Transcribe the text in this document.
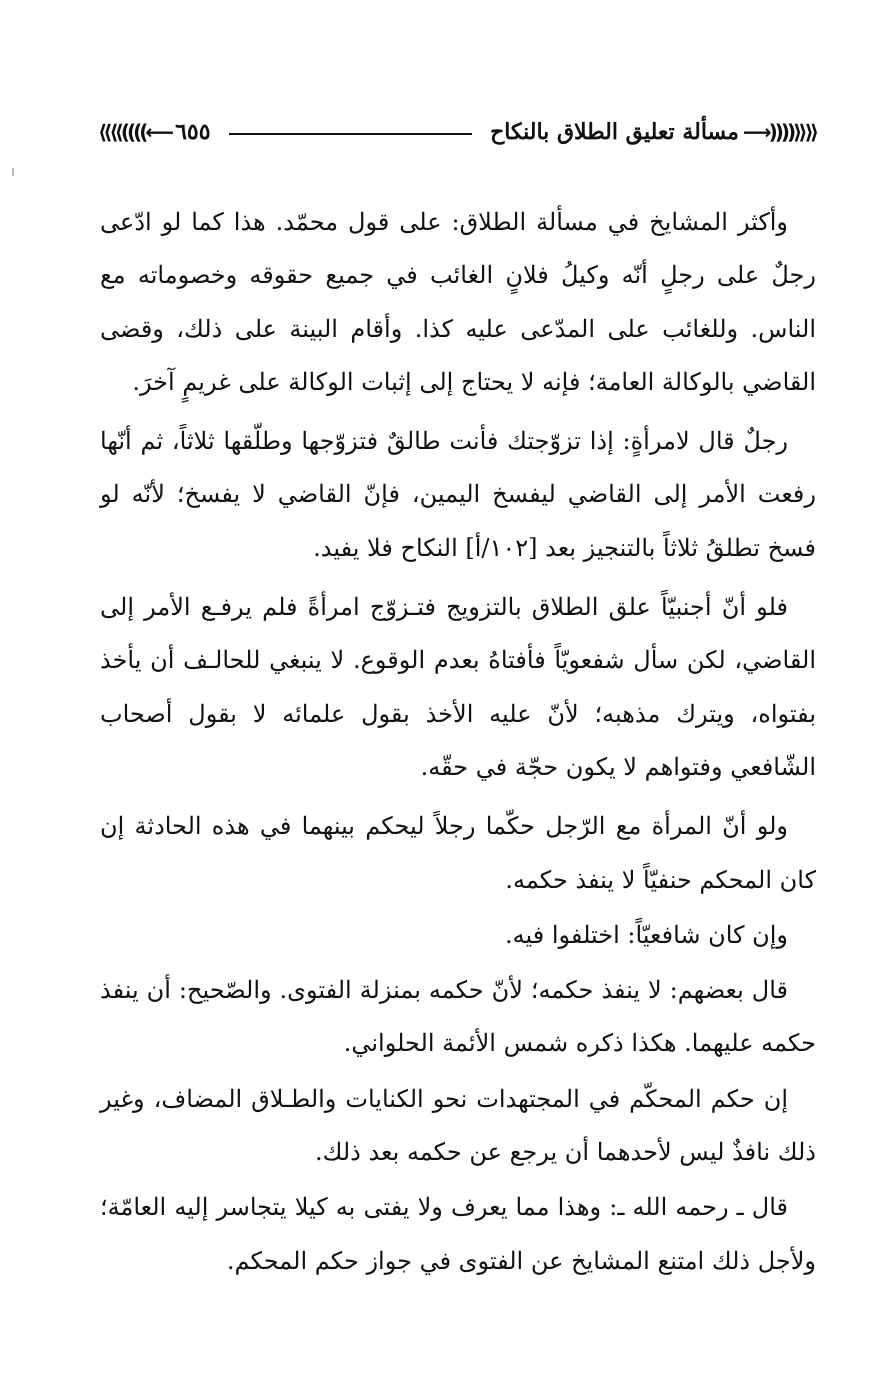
⟪⟪((((⟶
مسألة تعليق الطلاق بالنكاح
٦٥٥
⟵))))⟫⟫

وأكثر المشايخ في مسألة الطلاق: على قول محمّد. هذا كما لو ادّعى رجلٌ على رجلٍ أنّه وكيلُ فلانٍ الغائب في جميع حقوقه وخصوماته مع الناس. وللغائب على المدّعى عليه كذا. وأقام البينة على ذلك، وقضى القاضي بالوكالة العامة؛ فإنه لا يحتاج إلى إثبات الوكالة على غريمٍ آخرَ.

رجلٌ قال لامرأةٍ: إذا تزوّجتك فأنت طالقٌ فتزوّجها وطلّقها ثلاثاً، ثم أنّها رفعت الأمر إلى القاضي ليفسخ اليمين، فإنّ القاضي لا يفسخ؛ لأنّه لو فسخ تطلقُ ثلاثاً بالتنجيز بعد [١٠٢/أ] النكاح فلا يفيد.

فلو أنّ أجنبيّاً علق الطلاق بالتزويج فتـزوّج امرأةً فلم يرفـع الأمر إلى القاضي، لكن سأل شفعويّاً فأفتاهُ بعدم الوقوع. لا ينبغي للحالـف أن يأخذ بفتواه، ويترك مذهبه؛ لأنّ عليه الأخذ بقول علمائه لا بقول أصحاب الشّافعي وفتواهم لا يكون حجّة في حقّه.

ولو أنّ المرأة مع الرّجل حكّما رجلاً ليحكم بينهما في هذه الحادثة إن كان المحكم حنفيّاً لا ينفذ حكمه.

وإن كان شافعيّاً: اختلفوا فيه.

قال بعضهم: لا ينفذ حكمه؛ لأنّ حكمه بمنزلة الفتوى. والصّحيح: أن ينفذ حكمه عليهما. هكذا ذكره شمس الأئمة الحلواني.

إن حكم المحكّم في المجتهدات نحو الكنايات والطـلاق المضاف، وغير ذلك نافذٌ ليس لأحدهما أن يرجع عن حكمه بعد ذلك.

قال ـ رحمه الله ـ: وهذا مما يعرف ولا يفتى به كيلا يتجاسر إليه العامّة؛ ولأجل ذلك امتنع المشايخ عن الفتوى في جواز حكم المحكم.
